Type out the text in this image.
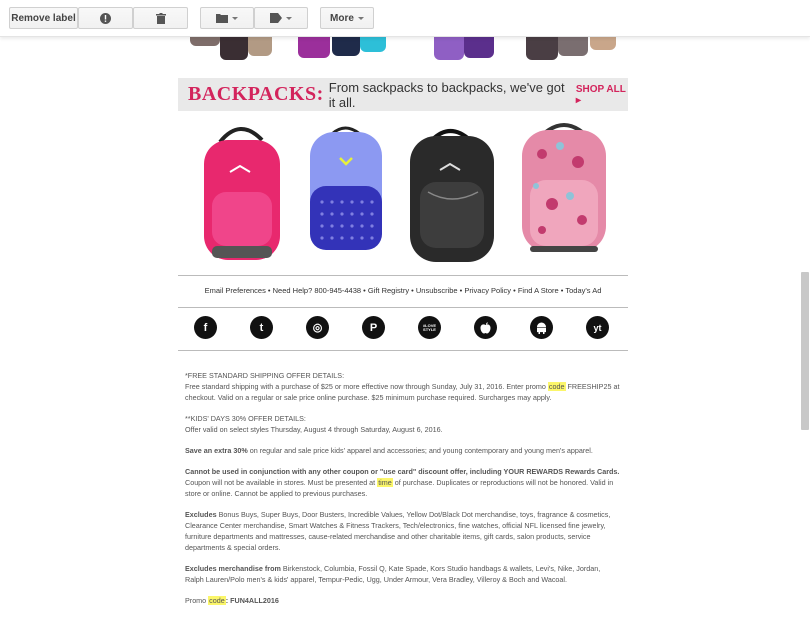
Remove label	More
BACKPACKS : From sackpacks to backpacks, we've got it all.
SHOP ALL ▸
Email Preferences • Need Help? 800-945-4438 • Gift Registry • Unsubscribe • Privacy Policy • Find A Store • Today's Ad
f	t	◎	P	#LOVE STYLE	yt

*FREE STANDARD SHIPPING OFFER DETAILS:
Free standard shipping with a purchase of $25 or more effective now through Sunday, July 31, 2016. Enter promo code FREESHIP25 at checkout. Valid on a regular or sale price online purchase. $25 minimum purchase required. Surcharges may apply.

**KIDS' DAYS 30% OFFER DETAILS:
Offer valid on select styles Thursday, August 4 through Saturday, August 6, 2016.

Save an extra 30% on regular and sale price kids' apparel and accessories; and young contemporary and young men's apparel.

Cannot be used in conjunction with any other coupon or "use card" discount offer, including YOUR REWARDS Rewards Cards. Coupon will not be available in stores. Must be presented at time of purchase. Duplicates or reproductions will not be honored. Valid in store or online. Cannot be applied to previous purchases.

Excludes Bonus Buys, Super Buys, Door Busters, Incredible Values, Yellow Dot/Black Dot merchandise, toys, fragrance & cosmetics, Clearance Center merchandise, Smart Watches & Fitness Trackers, Tech/electronics, fine watches, official NFL licensed fine jewelry, furniture departments and mattresses, cause-related merchandise and other charitable items, gift cards, salon products, service departments & special orders.

Excludes merchandise from Birkenstock, Columbia, Fossil Q, Kate Spade, Kors Studio handbags & wallets, Levi's, Nike, Jordan, Ralph Lauren/Polo men's & kids' apparel, Tempur-Pedic, Ugg, Under Armour, Vera Bradley, Villeroy & Boch and Wacoal.

Promo code: FUN4ALL2016
